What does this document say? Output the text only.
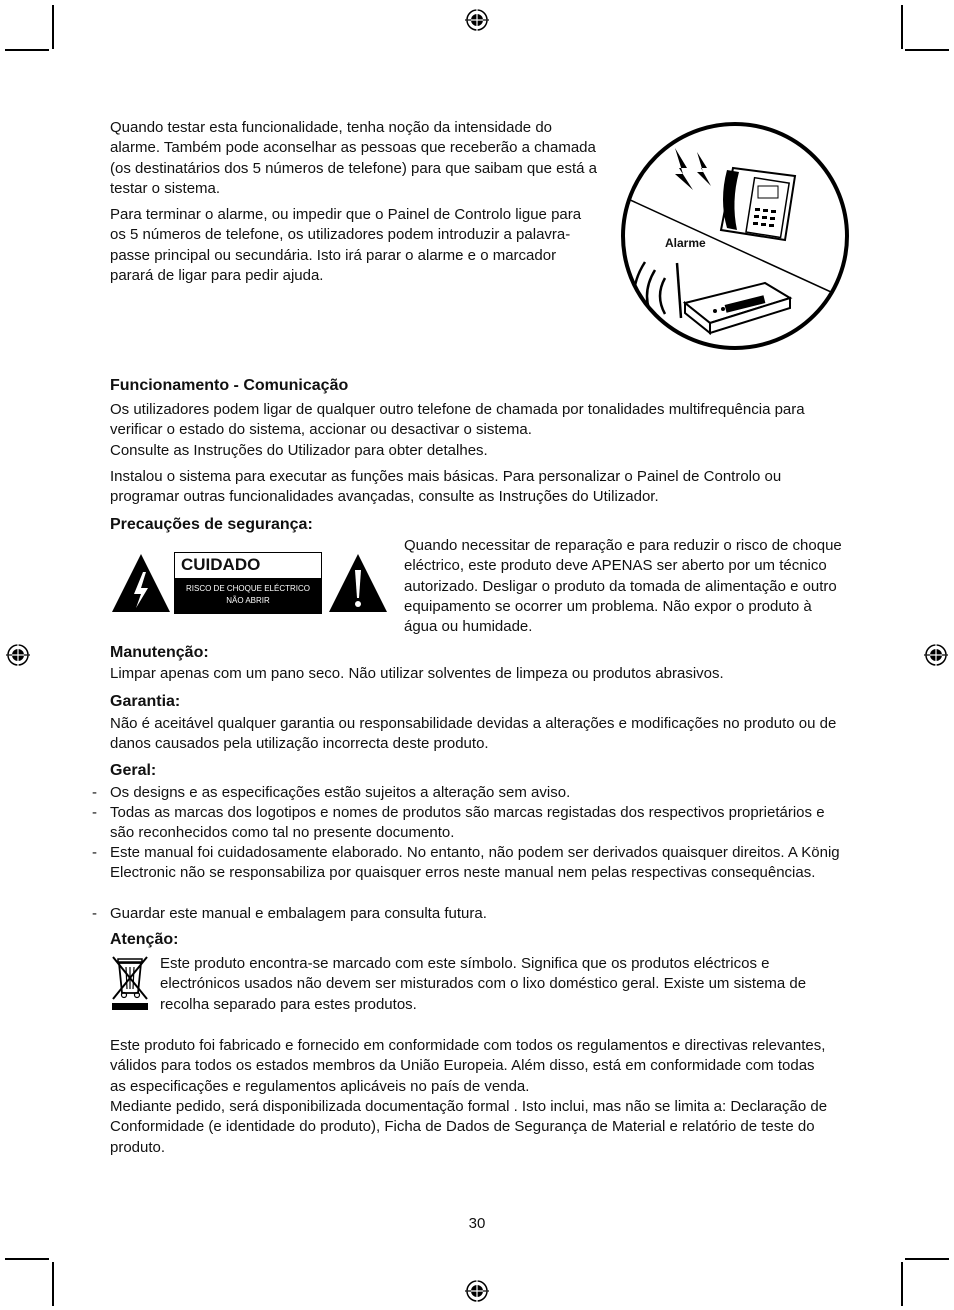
Quando testar esta funcionalidade, tenha noção da intensidade do alarme. Também pode aconselhar as pessoas que receberão a chamada (os destinatários dos 5 números de telefone) para que saibam que está a testar o sistema.

Para terminar o alarme, ou impedir que o Painel de Controlo ligue para os 5 números de telefone, os utilizadores podem introduzir a palavra-passe principal ou secundária. Isto irá parar o alarme e o marcador parará de ligar para pedir ajuda.

Alarme

Funcionamento - Comunicação

Os utilizadores podem ligar de qualquer outro telefone de chamada por tonalidades multifrequência para verificar o estado do sistema, accionar ou desactivar o sistema.

Consulte as Instruções do Utilizador para obter detalhes.

Instalou o sistema para executar as funções mais básicas. Para personalizar o Painel de Controlo ou programar outras funcionalidades avançadas, consulte as Instruções do Utilizador.

Precauções de segurança:

CUIDADO
RISCO DE CHOQUE ELÉCTRICO
NÃO ABRIR

Quando necessitar de reparação e para reduzir o risco de choque eléctrico, este produto deve APENAS ser aberto por um técnico autorizado. Desligar o produto da tomada de alimentação e outro equipamento se ocorrer um problema. Não expor o produto à água ou humidade.

Manutenção:

Limpar apenas com um pano seco. Não utilizar solventes de limpeza ou produtos abrasivos.

Garantia:

Não é aceitável qualquer garantia ou responsabilidade devidas a alterações e modificações no produto ou de danos causados pela utilização incorrecta deste produto.

Geral:

- Os designs e as especificações estão sujeitos a alteração sem aviso.
- Todas as marcas dos logotipos e nomes de produtos são marcas registadas dos respectivos proprietários e são reconhecidos como tal no presente documento.
- Este manual foi cuidadosamente elaborado. No entanto, não podem ser derivados quaisquer direitos. A König Electronic não se responsabiliza por quaisquer erros neste manual nem pelas respectivas consequências.
- Guardar este manual e embalagem para consulta futura.

Atenção:

Este produto encontra-se marcado com este símbolo. Significa que os produtos eléctricos e electrónicos usados não devem ser misturados com o lixo doméstico geral. Existe um sistema de recolha separado para estes produtos.

Este produto foi fabricado e fornecido em conformidade com todos os regulamentos e directivas relevantes, válidos para todos os estados membros da União Europeia. Além disso, está em conformidade com todas as especificações e regulamentos aplicáveis no país de venda.

Mediante pedido, será disponibilizada documentação formal . Isto inclui, mas não se limita a: Declaração de Conformidade (e identidade do produto), Ficha de Dados de Segurança de Material e relatório de teste do produto.

30
